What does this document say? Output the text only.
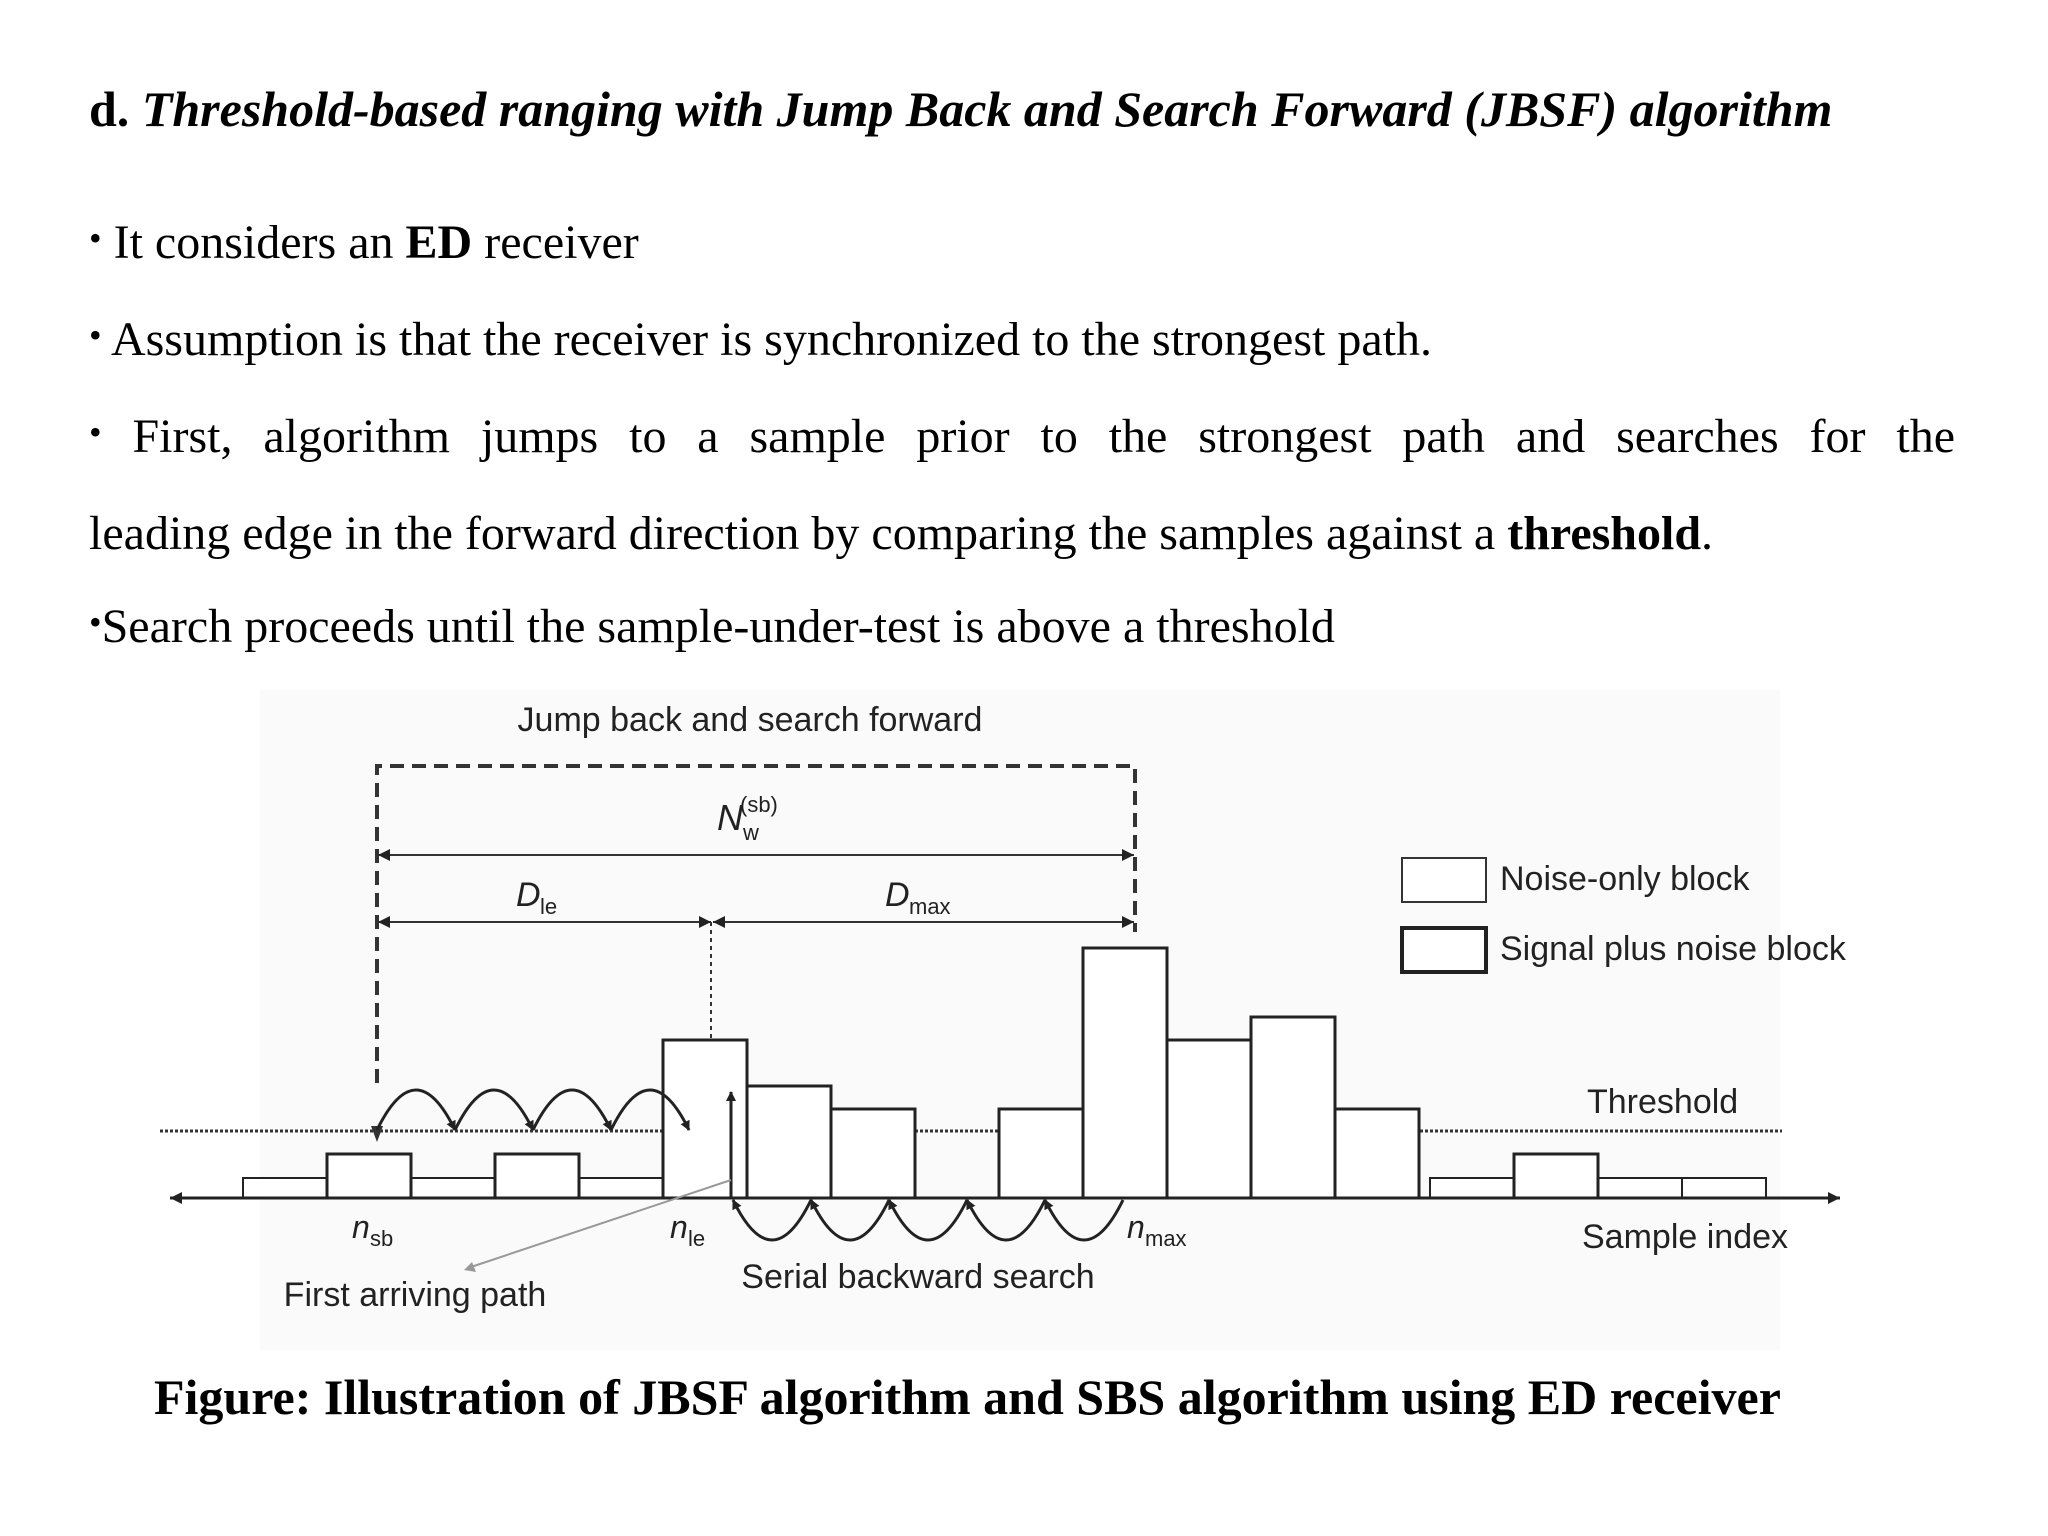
d. Threshold-based ranging with Jump Back and Search Forward (JBSF) algorithm

• It considers an ED receiver

• Assumption is that the receiver is synchronized to the strongest path.

• First, algorithm jumps to a sample prior to the strongest path and searches for the

leading edge in the forward direction by comparing the samples against a threshold.

•Search proceeds until the sample-under-test is above a threshold

Jump back and search forward
N w
(sb)
D le	D max
Threshold
Sample index
Noise-only block
Signal plus noise block
n sb	n le	n max
First arriving path	Serial backward search
Figure: Illustration of JBSF algorithm and SBS algorithm using ED receiver
